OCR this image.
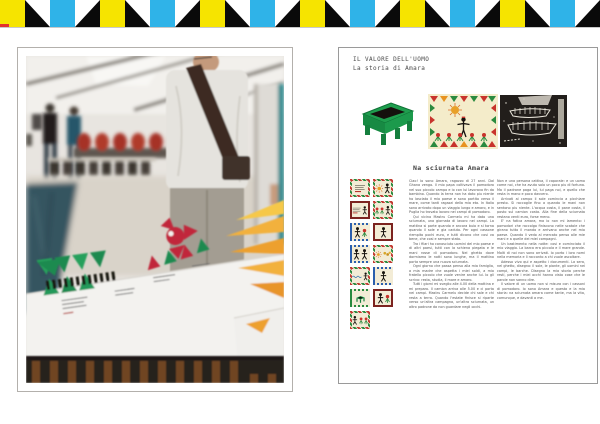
IL VALORE DELL'UOMO
La storia di Amara
Na sciurnata Amara

Ciao! Io sono Amara, ragazzo di 27 anni. Dal Ghana vengo. Il mio papa coltivava il pomodoro nel suo piccolo campo e io con lui lavoravo fin da bambino. Quando la terra non ha dato piu niente ho lasciato il mio paese e sono partito verso il mare, come tanti ragazzi della mia eta. In Italia sono arrivato dopo un viaggio lungo e amaro, e in Puglia ho trovato lavoro nei campi di pomodoro.

Qui vicino Mastru Carmelu mi ha dato una sciurnata, una giornata di lavoro nei campi. La mattina si parte quando e ancora buio e si torna quando il sole e gia caduto. Per ogni cassone riempito pochi euro, e tutti dicono che cosi va bene, che cosi e sempre stato.

Tra i filari ho conosciuto uomini del mio paese e di altri paesi, tutti con la schiena piegata e le mani rosse di pomodoro. Nel ghetto dove dormiamo le notti sono lunghe, ma il mattino porta sempre una nuova sciurnata.

Ogni giorno che passa penso alla mia famiglia, a mia madre che aspetta i miei soldi, a mio fratello piccolo che vuole venire anche lui. Io gli scrivo: resta, studia, il mare e amaro.

Tutti i giorni mi sveglio alle 4.00 della mattina e mi preparo. Il camion arriva alle 5.00 e ci porta nei campi. Mastru Carmelu decide chi sale e chi resta a terra. Quando l'estate finisce si riparte verso un'altra campagna, un'altra sciurnata, un altro padrone da non guardare negli occhi.

Non e una persona cattiva, il caporale: e un uomo come noi, che ha avuto solo un poco piu di fortuna. Ma il padrone paga lui, lui paga noi, e quello che resta in mano e poco davvero.

Arrivati al campo il sole comincia a picchiare presto. Si raccoglie fino a quando le mani non sentono piu niente. L'acqua costa, il pane costa, il posto sul camion costa. Alla fine della sciurnata restano venti euro, forse meno.

E' na fatica amara, ma io non mi lamento: i pomodori che raccolgo finiscono nelle scatole che girano tutto il mondo e arrivano anche nel mio paese. Quando li vedo al mercato penso alle mie mani e a quelle dei miei compagni.

Un bastimento nella notte: cosi e cominciato il mio viaggio. La barca era piccola e il mare grande. Molti di noi non sono arrivati. Io porto i loro nomi nella memoria e li racconto a chi vuole ascoltare.

Adesso vivo qui e aspetto i documenti. La sera, nel ghetto, disegno: il sole, le piante, gli uomini nei campi, le barche. Disegno la mia storia perche resti, perche i miei occhi hanno visto cose che le parole non sanno dire.

Il valore di un uomo non si misura con i cassoni di pomodoro. Io sono Amara e questa e la mia storia: na sciurnata amara come tante, ma la vita, comunque, e davanti a me.
